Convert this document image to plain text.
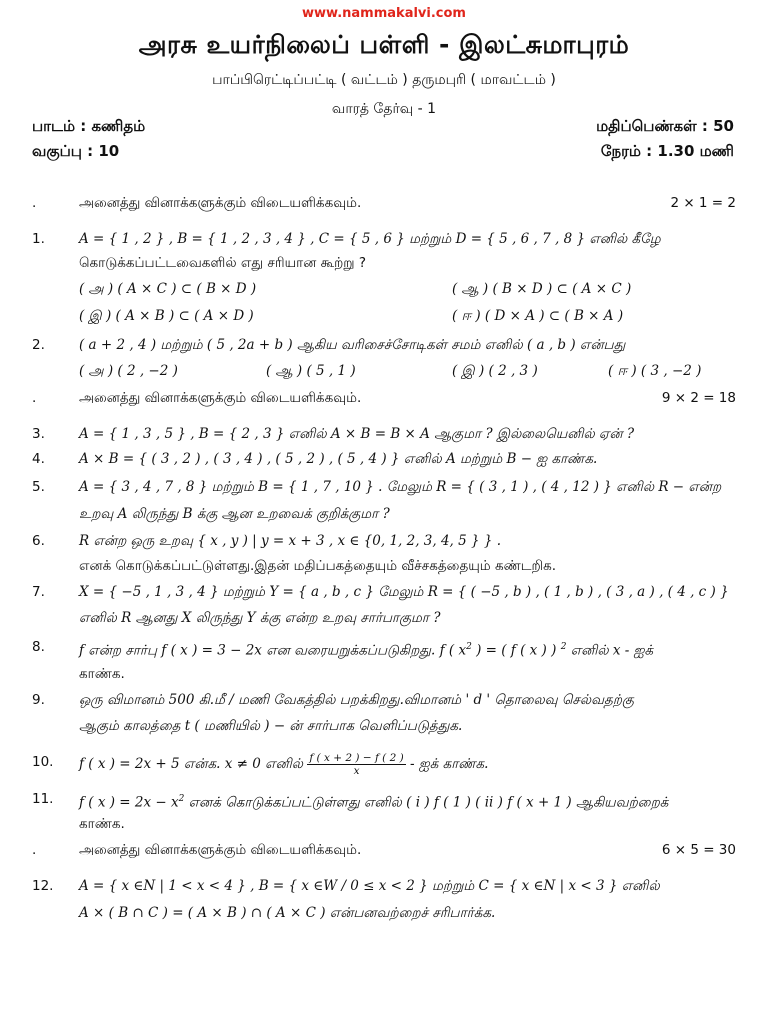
www.nammakalvi.com
அரசு உயர்நிலைப் பள்ளி - இலட்சுமாபுரம்
பாப்பிரெட்டிப்பட்டி ( வட்டம் ) தருமபுரி ( மாவட்டம் )
வாரத் தேர்வு - 1
பாடம் : கணிதம்	மதிப்பெண்கள் : 50
வகுப்பு : 10	நேரம் : 1.30 மணி
.	அனைத்து வினாக்களுக்கும் விடையளிக்கவும்.	2 × 1 = 2
1.	A = { 1 , 2 } , B = { 1 , 2 , 3 , 4 } , C = { 5 , 6 } மற்றும் D = { 5 , 6 , 7 , 8 } எனில் கீழே
கொடுக்கப்பட்டவைகளில் எது சரியான கூற்று ?
( அ ) ( A × C ) ⊂ ( B × D )	( ஆ ) ( B × D ) ⊂ ( A × C )
( இ ) ( A × B ) ⊂ ( A × D )	( ஈ ) ( D × A ) ⊂ ( B × A )
2.	( a + 2 , 4 ) மற்றும் ( 5 , 2a + b ) ஆகிய வரிசைச்சோடிகள் சமம் எனில் ( a , b ) என்பது
( அ ) ( 2 , −2 )	( ஆ ) ( 5 , 1 )	( இ ) ( 2 , 3 )	( ஈ ) ( 3 , −2 )
.	அனைத்து வினாக்களுக்கும் விடையளிக்கவும்.	9 × 2 = 18
3.	A = { 1 , 3 , 5 } , B = { 2 , 3 } எனில் A × B = B × A ஆகுமா ? இல்லையெனில் ஏன் ?
4.	A × B = { ( 3 , 2 ) , ( 3 , 4 ) , ( 5 , 2 ) , ( 5 , 4 ) } எனில் A மற்றும் B − ஐ காண்க.
5.	A = { 3 , 4 , 7 , 8 } மற்றும் B = { 1 , 7 , 10 } . மேலும் R = { ( 3 , 1 ) , ( 4 , 12 ) } எனில் R − என்ற
உறவு A லிருந்து B க்கு ஆன உறவைக் குறிக்குமா ?
6.	R என்ற ஒரு உறவு { x , y ) | y = x + 3 , x ∈ {0, 1, 2, 3, 4, 5 } } .
எனக் கொடுக்கப்பட்டுள்ளது.இதன் மதிப்பகத்தையும் வீச்சகத்தையும் கண்டறிக.
7.	X = { −5 , 1 , 3 , 4 } மற்றும் Y = { a , b , c } மேலும் R = { ( −5 , b ) , ( 1 , b ) , ( 3 , a ) , ( 4 , c ) }
எனில் R ஆனது X லிருந்து Y க்கு என்ற உறவு சார்பாகுமா ?
8.	f என்ற சார்பு f ( x ) = 3 − 2x என வரையறுக்கப்படுகிறது. f ( $x^2$ ) = ( f ( x ) ) $^2$ எனில் x - ஐக்
காண்க.
9.	ஒரு விமானம் 500 கி.மீ / மணி வேகத்தில் பறக்கிறது.விமானம் ' d ' தொலைவு செல்வதற்கு
ஆகும் காலத்தை t ( மணியில் ) − ன் சார்பாக வெளிப்படுத்துக.
10.	f ( x ) = 2x + 5 என்க. x ≠ 0 எனில் $\frac{f ( x + 2 ) - f ( 2 )}{x}$ - ஐக் காண்க.
11.	f ( x ) = $2x - x^2$ எனக் கொடுக்கப்பட்டுள்ளது எனில் ( i ) f ( 1 ) ( ii ) f ( x + 1 ) ஆகியவற்றைக்
காண்க.
.	அனைத்து வினாக்களுக்கும் விடையளிக்கவும்.	6 × 5 = 30
12.	A = { x ∈N | 1 < x < 4 } , B = { x ∈W / 0 ≤ x < 2 } மற்றும் C = { x ∈N | x < 3 } எனில்
A × ( B ∩ C ) = ( A × B ) ∩ ( A × C ) என்பனவற்றைச் சரிபார்க்க.
